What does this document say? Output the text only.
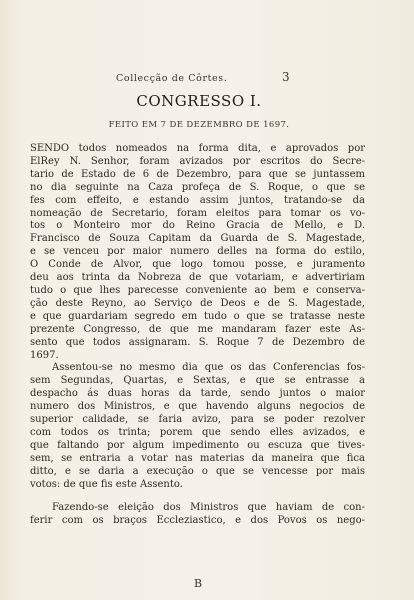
Collecção de Côrtes.	3
CONGRESSO I.
FEITO EM 7 DE DEZEMBRO DE 1697.

SENDO todos nomeados na forma dita, e aprovados por
ElRey N. Senhor, foram avizados por escritos do Secre-
tario de Estado de 6 de Dezembro, para que se juntassem
no dia seguinte na Caza profeça de S. Roque, o que se
fes com effeito, e estando assim juntos, tratando-se da
nomeação de Secretario, foram eleitos para tomar os vo-
tos o Monteiro mor do Reino Gracia de Mello, e D.
Francisco de Souza Capitam da Guarda de S. Magestade,
e se venceu por maior numero delles na forma do estilo,
O Conde de Alvor, que logo tomou posse, e juramento
deu aos trinta da Nobreza de que votariam, e advertiriam
tudo o que lhes parecesse conveniente ao bem e conserva-
ção deste Reyno, ao Serviço de Deos e de S. Magestade,
e que guardariam segredo em tudo o que se tratasse neste
prezente Congresso, de que me mandaram fazer este As-
sento que todos assignaram. S. Roque 7 de Dezembro de
1697.

Assentou-se no mesmo dia que os das Conferencias fos-
sem Segundas, Quartas, e Sextas, e que se entrasse a
despacho ás duas horas da tarde, sendo juntos o maior
numero dos Ministros, e que havendo alguns negocios de
superior calidade, se faria avizo, para se poder rezolver
com todos os trinta; porem que sendo elles avizados, e
que faltando por algum impedimento ou escuza que tives-
sem, se entraria a votar nas materias da maneira que fica
ditto, e se daria a execução o que se vencesse por mais
votos: de que fis este Assento.

Fazendo-se eleição dos Ministros que haviam de con-
ferir com os braços Eccleziastico, e dos Povos os nego-

B
